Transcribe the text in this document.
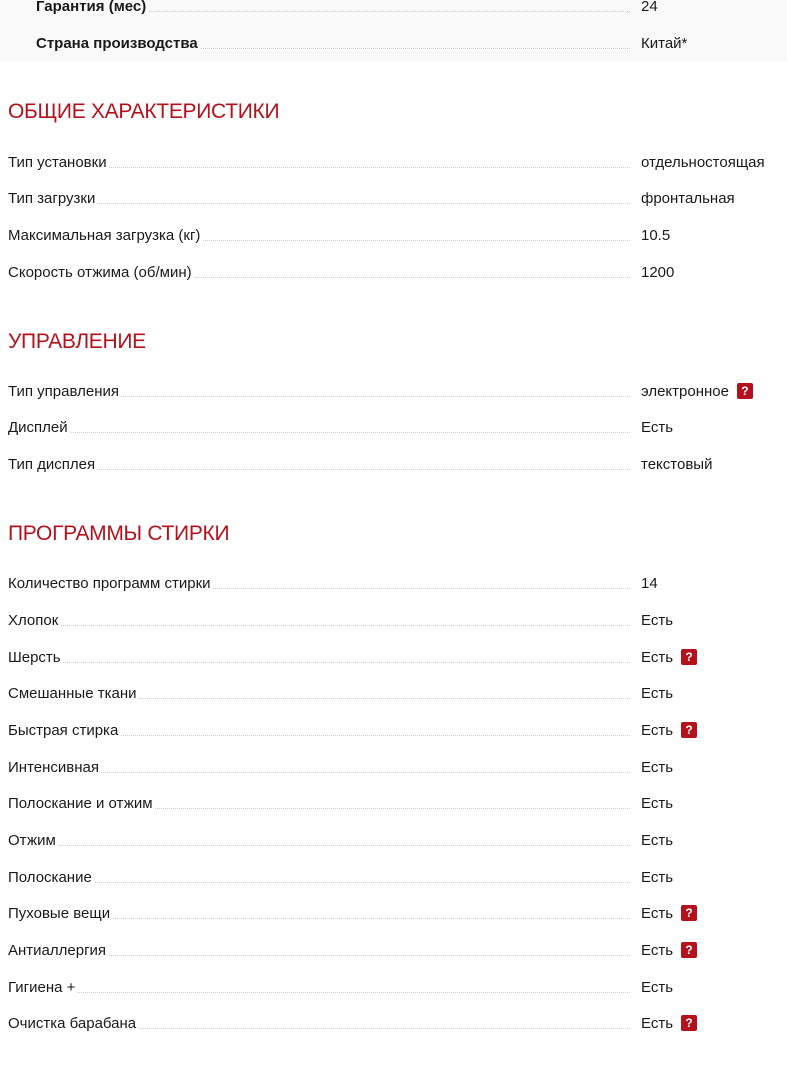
Гарантия (мес)	24
Страна производства	Китай*
ОБЩИЕ ХАРАКТЕРИСТИКИ
Тип установки	отдельностоящая
Тип загрузки	фронтальная
Максимальная загрузка (кг)	10.5
Скорость отжима (об/мин)	1200
УПРАВЛЕНИЕ
Тип управления	электронное ?
Дисплей	Есть
Тип дисплея	текстовый
ПРОГРАММЫ СТИРКИ
Количество программ стирки	14
Хлопок	Есть
Шерсть	Есть ?
Смешанные ткани	Есть
Быстрая стирка	Есть ?
Интенсивная	Есть
Полоскание и отжим	Есть
Отжим	Есть
Полоскание	Есть
Пуховые вещи	Есть ?
Антиаллергия	Есть ?
Гигиена +	Есть
Очистка барабана	Есть ?
